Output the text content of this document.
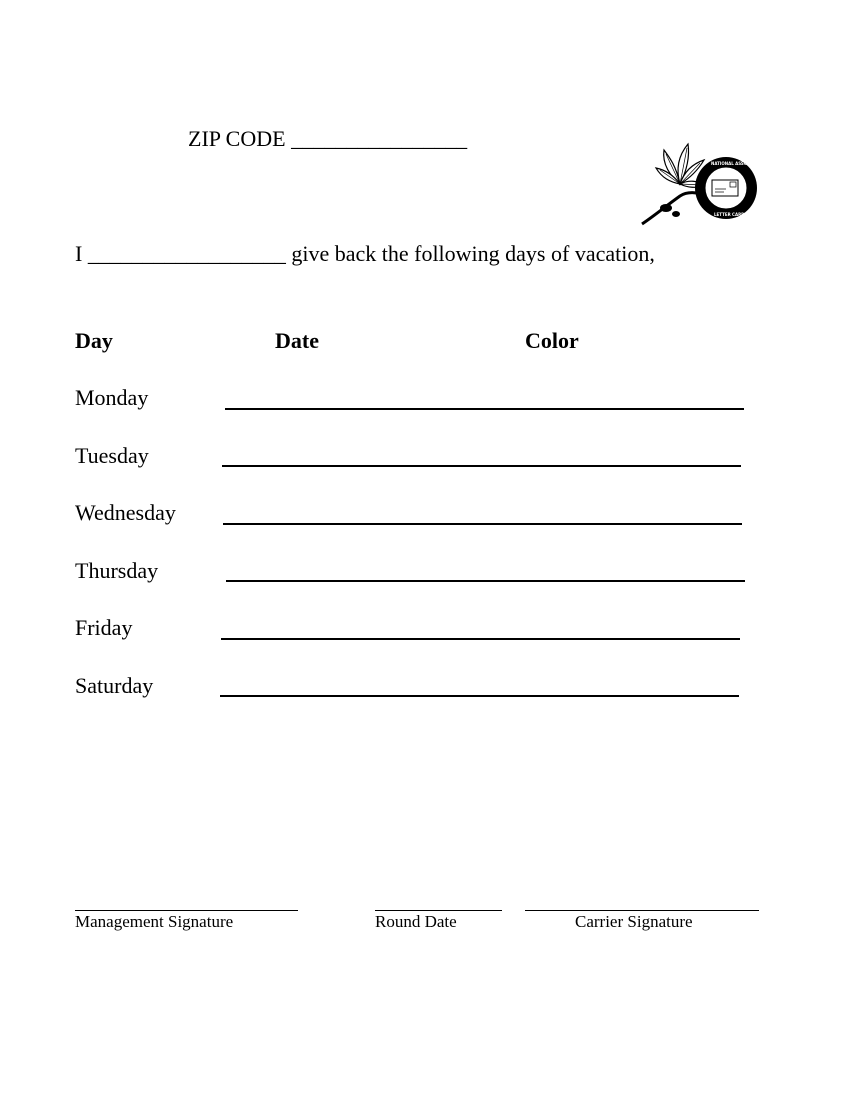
ZIP CODE ________________
NATIONAL ASSOC
LETTER CARRIERS
I __________________ give back the following days of vacation,
Day	Date	Color
Monday
Tuesday
Wednesday
Thursday
Friday
Saturday
Management Signature	Round Date	Carrier Signature
